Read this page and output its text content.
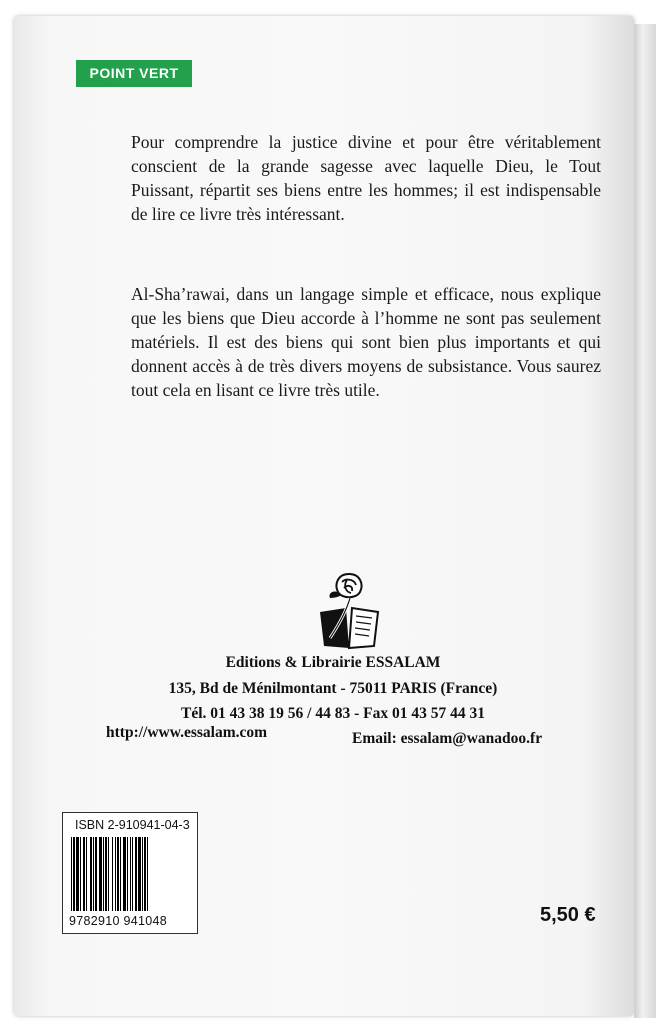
POINT VERT
Pour comprendre la justice divine et pour être véritablement conscient de la grande sagesse avec laquelle Dieu, le Tout Puissant, répartit ses biens entre les hommes; il est indispensable de lire ce livre très intéressant.
Al-Sha’rawai, dans un langage simple et efficace, nous explique que les biens que Dieu accorde à l’homme ne sont pas seulement matériels. Il est des biens qui sont bien plus importants et qui donnent accès à de très divers moyens de subsistance. Vous saurez tout cela en lisant ce livre très utile.
Editions & Librairie ESSALAM
135, Bd de Ménilmontant - 75011 PARIS (France)
Tél. 01 43 38 19 56 / 44 83 - Fax 01 43 57 44 31
http://www.essalam.com	Email: essalam@wanadoo.fr
ISBN 2-910941-04-3
9782910 941048	5,50 €
